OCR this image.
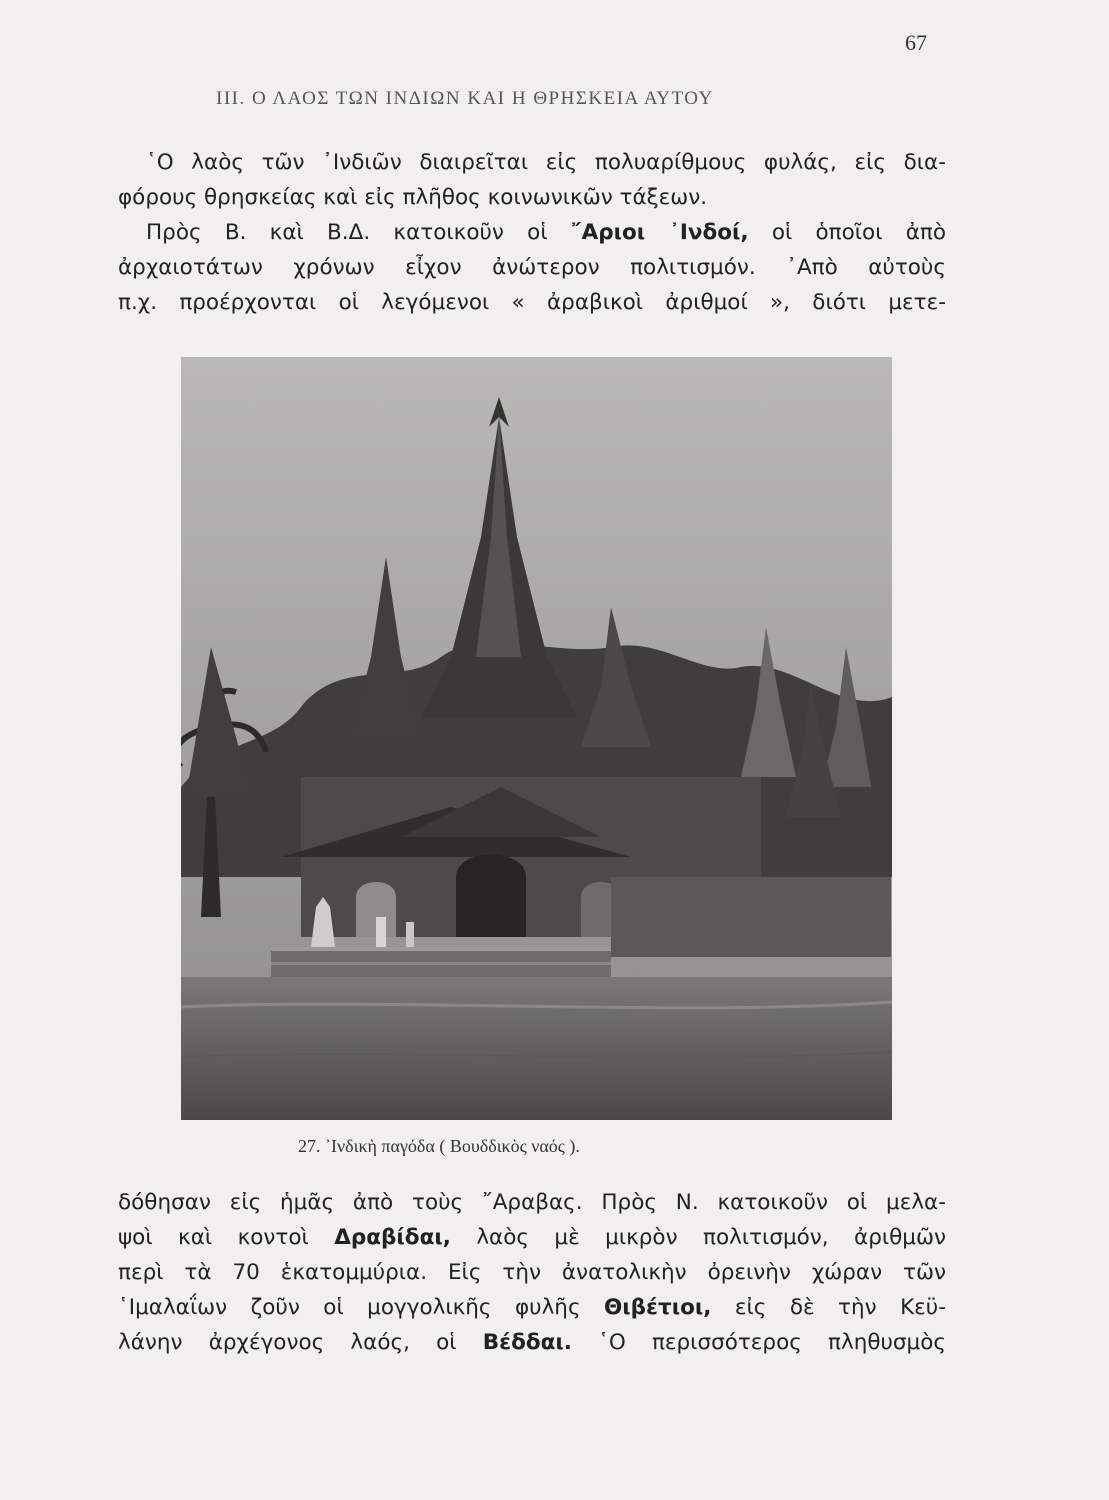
67
ΙΙΙ. Ο ΛΑΟΣ ΤΩΝ ΙΝΔΙΩΝ ΚΑΙ Η ΘΡΗΣΚΕΙΑ ΑΥΤΟΥ
῾Ο λαὸς τῶν ᾿Ινδιῶν διαιρεῖται εἰς πολυαρίθμους φυλάς, εἰς δια-
φόρους θρησκείας καὶ εἰς πλῆθος κοινωνικῶν τάξεων.
Πρὸς Β. καὶ Β.Δ. κατοικοῦν οἱ ῎Αριοι ᾿Ινδοί, οἱ ὁποῖοι ἀπὸ
ἀρχαιοτάτων χρόνων εἶχον ἀνώτερον πολιτισμόν. ᾿Απὸ αὐτοὺς
π.χ. προέρχονται οἱ λεγόμενοι « ἀραβικοὶ ἀριθμοί », διότι μετε-
27. ᾿Ινδικὴ παγόδα ( Βουδδικὸς ναός ).
δόθησαν εἰς ἡμᾶς ἀπὸ τοὺς ῎Αραβας. Πρὸς Ν. κατοικοῦν οἱ μελα-
ψοὶ καὶ κοντοὶ Δραβίδαι, λαὸς μὲ μικρὸν πολιτισμόν, ἀριθμῶν
περὶ τὰ 70 ἑκατομμύρια. Εἰς τὴν ἀνατολικὴν ὀρεινὴν χώραν τῶν
῾Ιμαλαΐων ζοῦν οἱ μογγολικῆς φυλῆς Θιβέτιοι, εἰς δὲ τὴν Κεϋ-
λάνην ἀρχέγονος λαός, οἱ Βέδδαι. ῾Ο περισσότερος πληθυσμὸς
